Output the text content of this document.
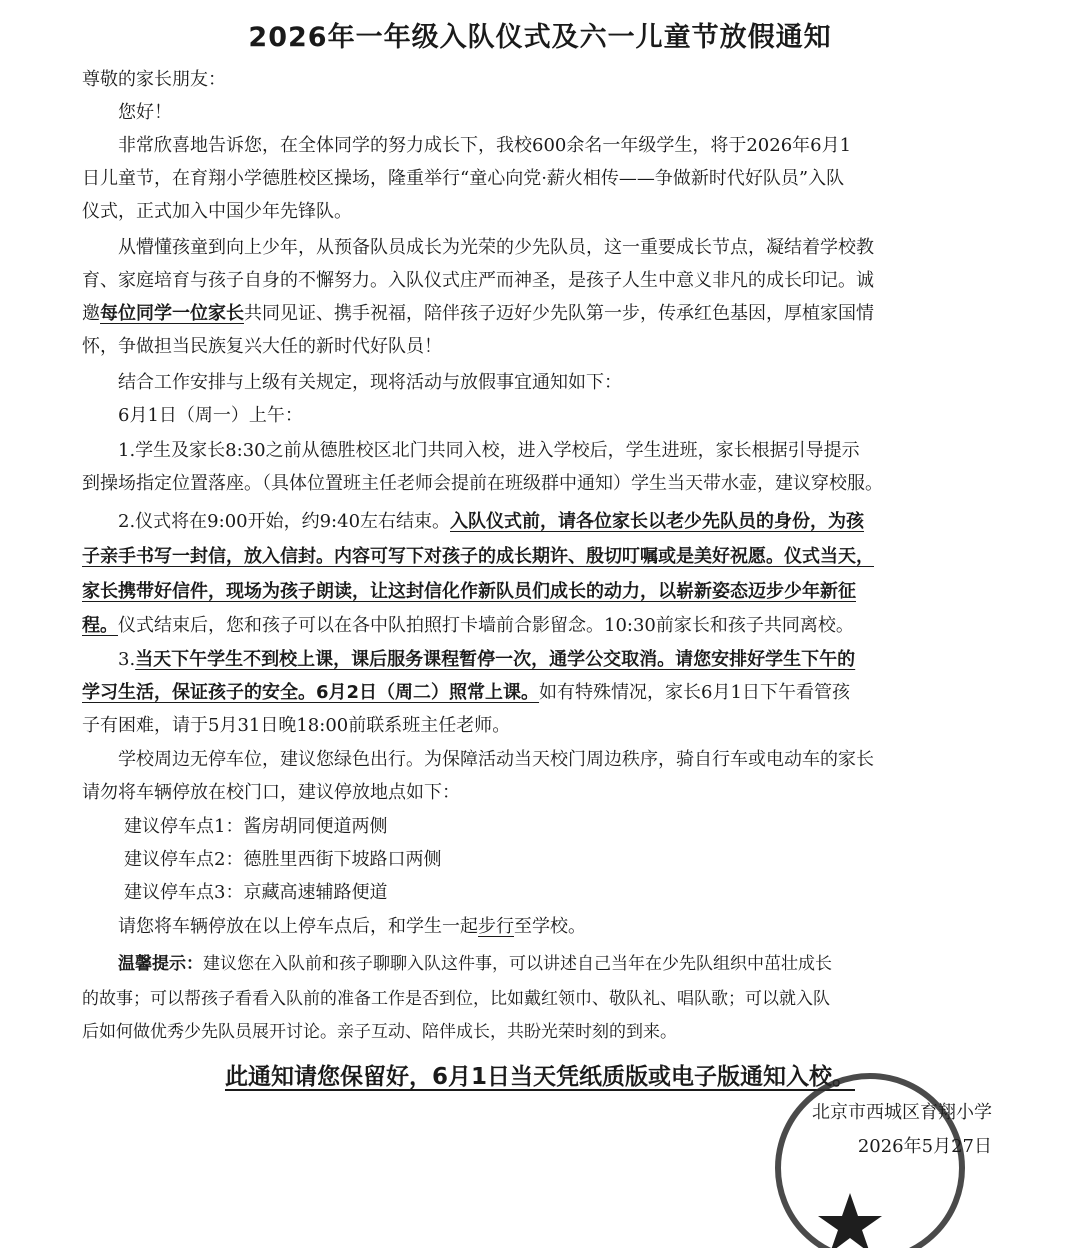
2026年一年级入队仪式及六一儿童节放假通知
尊敬的家长朋友：
您好！
非常欣喜地告诉您，在全体同学的努力成长下，我校600余名一年级学生，将于2026年6月1
日儿童节，在育翔小学德胜校区操场，隆重举行“童心向党·薪火相传——争做新时代好队员”入队
仪式，正式加入中国少年先锋队。
从懵懂孩童到向上少年，从预备队员成长为光荣的少先队员，这一重要成长节点，凝结着学校教
育、家庭培育与孩子自身的不懈努力。入队仪式庄严而神圣，是孩子人生中意义非凡的成长印记。诚
邀每位同学一位家长共同见证、携手祝福，陪伴孩子迈好少先队第一步，传承红色基因，厚植家国情
怀，争做担当民族复兴大任的新时代好队员！
结合工作安排与上级有关规定，现将活动与放假事宜通知如下：
6月1日（周一）上午：
1.学生及家长8:30之前从德胜校区北门共同入校，进入学校后，学生进班，家长根据引导提示
到操场指定位置落座。（具体位置班主任老师会提前在班级群中通知）学生当天带水壶，建议穿校服。
2.仪式将在9:00开始，约9:40左右结束。入队仪式前，请各位家长以老少先队员的身份，为孩
子亲手书写一封信，放入信封。内容可写下对孩子的成长期许、殷切叮嘱或是美好祝愿。仪式当天，
家长携带好信件，现场为孩子朗读，让这封信化作新队员们成长的动力，以崭新姿态迈步少年新征
程。仪式结束后，您和孩子可以在各中队拍照打卡墙前合影留念。10:30前家长和孩子共同离校。
3.当天下午学生不到校上课，课后服务课程暂停一次，通学公交取消。请您安排好学生下午的
学习生活，保证孩子的安全。6月2日（周二）照常上课。如有特殊情况，家长6月1日下午看管孩
子有困难，请于5月31日晚18:00前联系班主任老师。
学校周边无停车位，建议您绿色出行。为保障活动当天校门周边秩序，骑自行车或电动车的家长
请勿将车辆停放在校门口，建议停放地点如下：
建议停车点1：酱房胡同便道两侧
建议停车点2：德胜里西街下坡路口两侧
建议停车点3：京藏高速辅路便道
请您将车辆停放在以上停车点后，和学生一起步行至学校。
温馨提示：建议您在入队前和孩子聊聊入队这件事，可以讲述自己当年在少先队组织中茁壮成长
的故事；可以帮孩子看看入队前的准备工作是否到位，比如戴红领巾、敬队礼、唱队歌；可以就入队
后如何做优秀少先队员展开讨论。亲子互动、陪伴成长，共盼光荣时刻的到来。
此通知请您保留好，6月1日当天凭纸质版或电子版通知入校。
北京市西城区育翔小学
2026年5月27日
